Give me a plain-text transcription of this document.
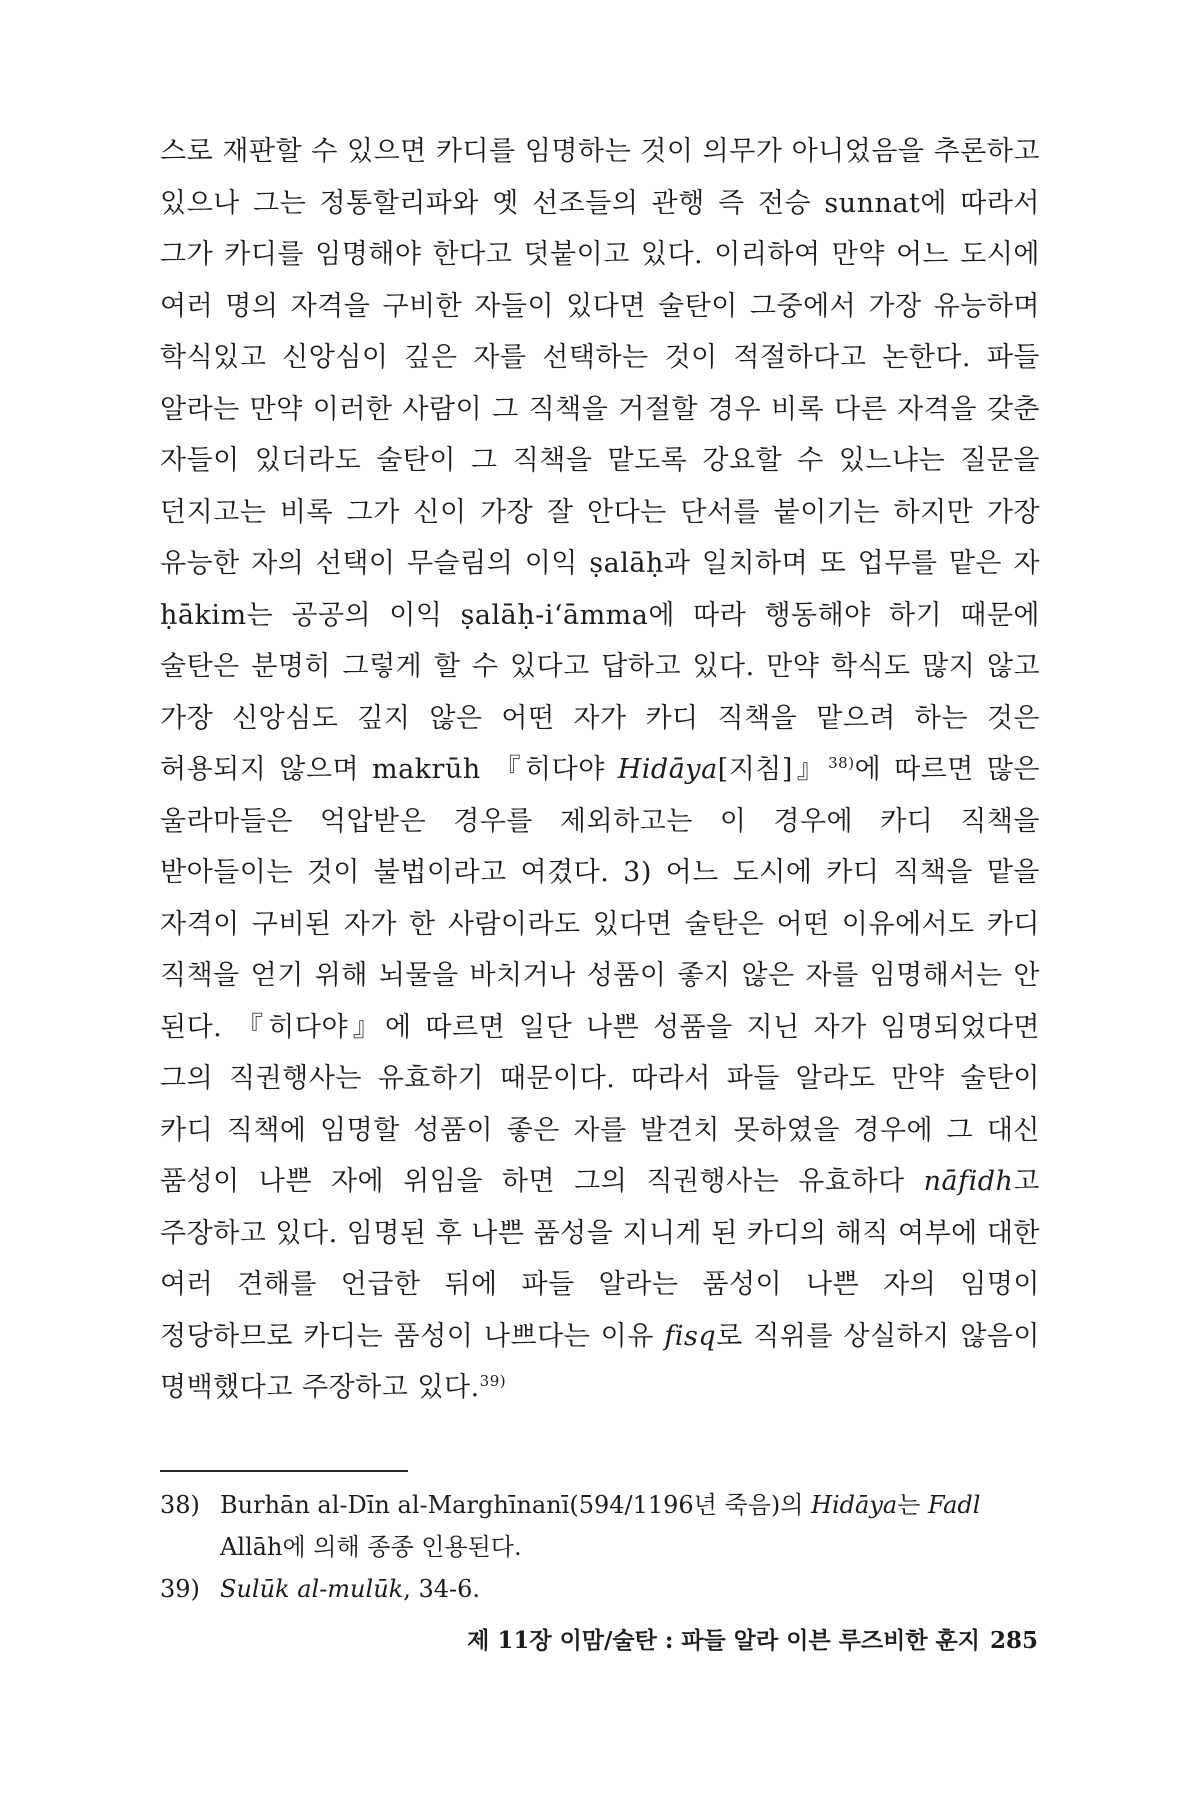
스로 재판할 수 있으면 카디를 임명하는 것이 의무가 아니었음을 추론하고 있으나 그는 정통할리파와 옛 선조들의 관행 즉 전승 sunnat에 따라서 그가 카디를 임명해야 한다고 덧붙이고 있다. 이리하여 만약 어느 도시에 여러 명의 자격을 구비한 자들이 있다면 술탄이 그중에서 가장 유능하며 학식있고 신앙심이 깊은 자를 선택하는 것이 적절하다고 논한다. 파들 알라는 만약 이러한 사람이 그 직책을 거절할 경우 비록 다른 자격을 갖춘 자들이 있더라도 술탄이 그 직책을 맡도록 강요할 수 있느냐는 질문을 던지고는 비록 그가 신이 가장 잘 안다는 단서를 붙이기는 하지만 가장 유능한 자의 선택이 무슬림의 이익 ṣalāḥ과 일치하며 또 업무를 맡은 자 ḥākim는 공공의 이익 ṣalāḥ-i‘āmma에 따라 행동해야 하기 때문에 술탄은 분명히 그렇게 할 수 있다고 답하고 있다. 만약 학식도 많지 않고 가장 신앙심도 깊지 않은 어떤 자가 카디 직책을 맡으려 하는 것은 허용되지 않으며 makrūh 『히다야 Hidāya[지침]』$^{38)}$에 따르면 많은 울라마들은 억압받은 경우를 제외하고는 이 경우에 카디 직책을 받아들이는 것이 불법이라고 여겼다. 3) 어느 도시에 카디 직책을 맡을 자격이 구비된 자가 한 사람이라도 있다면 술탄은 어떤 이유에서도 카디 직책을 얻기 위해 뇌물을 바치거나 성품이 좋지 않은 자를 임명해서는 안 된다. 『히다야』에 따르면 일단 나쁜 성품을 지닌 자가 임명되었다면 그의 직권행사는 유효하기 때문이다. 따라서 파들 알라도 만약 술탄이 카디 직책에 임명할 성품이 좋은 자를 발견치 못하였을 경우에 그 대신 품성이 나쁜 자에 위임을 하면 그의 직권행사는 유효하다 nāfidh고 주장하고 있다. 임명된 후 나쁜 품성을 지니게 된 카디의 해직 여부에 대한 여러 견해를 언급한 뒤에 파들 알라는 품성이 나쁜 자의 임명이 정당하므로 카디는 품성이 나쁘다는 이유 fisq로 직위를 상실하지 않음이 명백했다고 주장하고 있다.$^{39)}$

38) Burhān al-Dīn al-Marghīnanī(594/1196년 죽음)의 Hidāya는 Fadl Allāh에 의해 종종 인용된다.

39) Sulūk al-mulūk, 34-6.

제 11장 이맘/술탄 : 파들 알라 이븐 루즈비한 훈지 285
